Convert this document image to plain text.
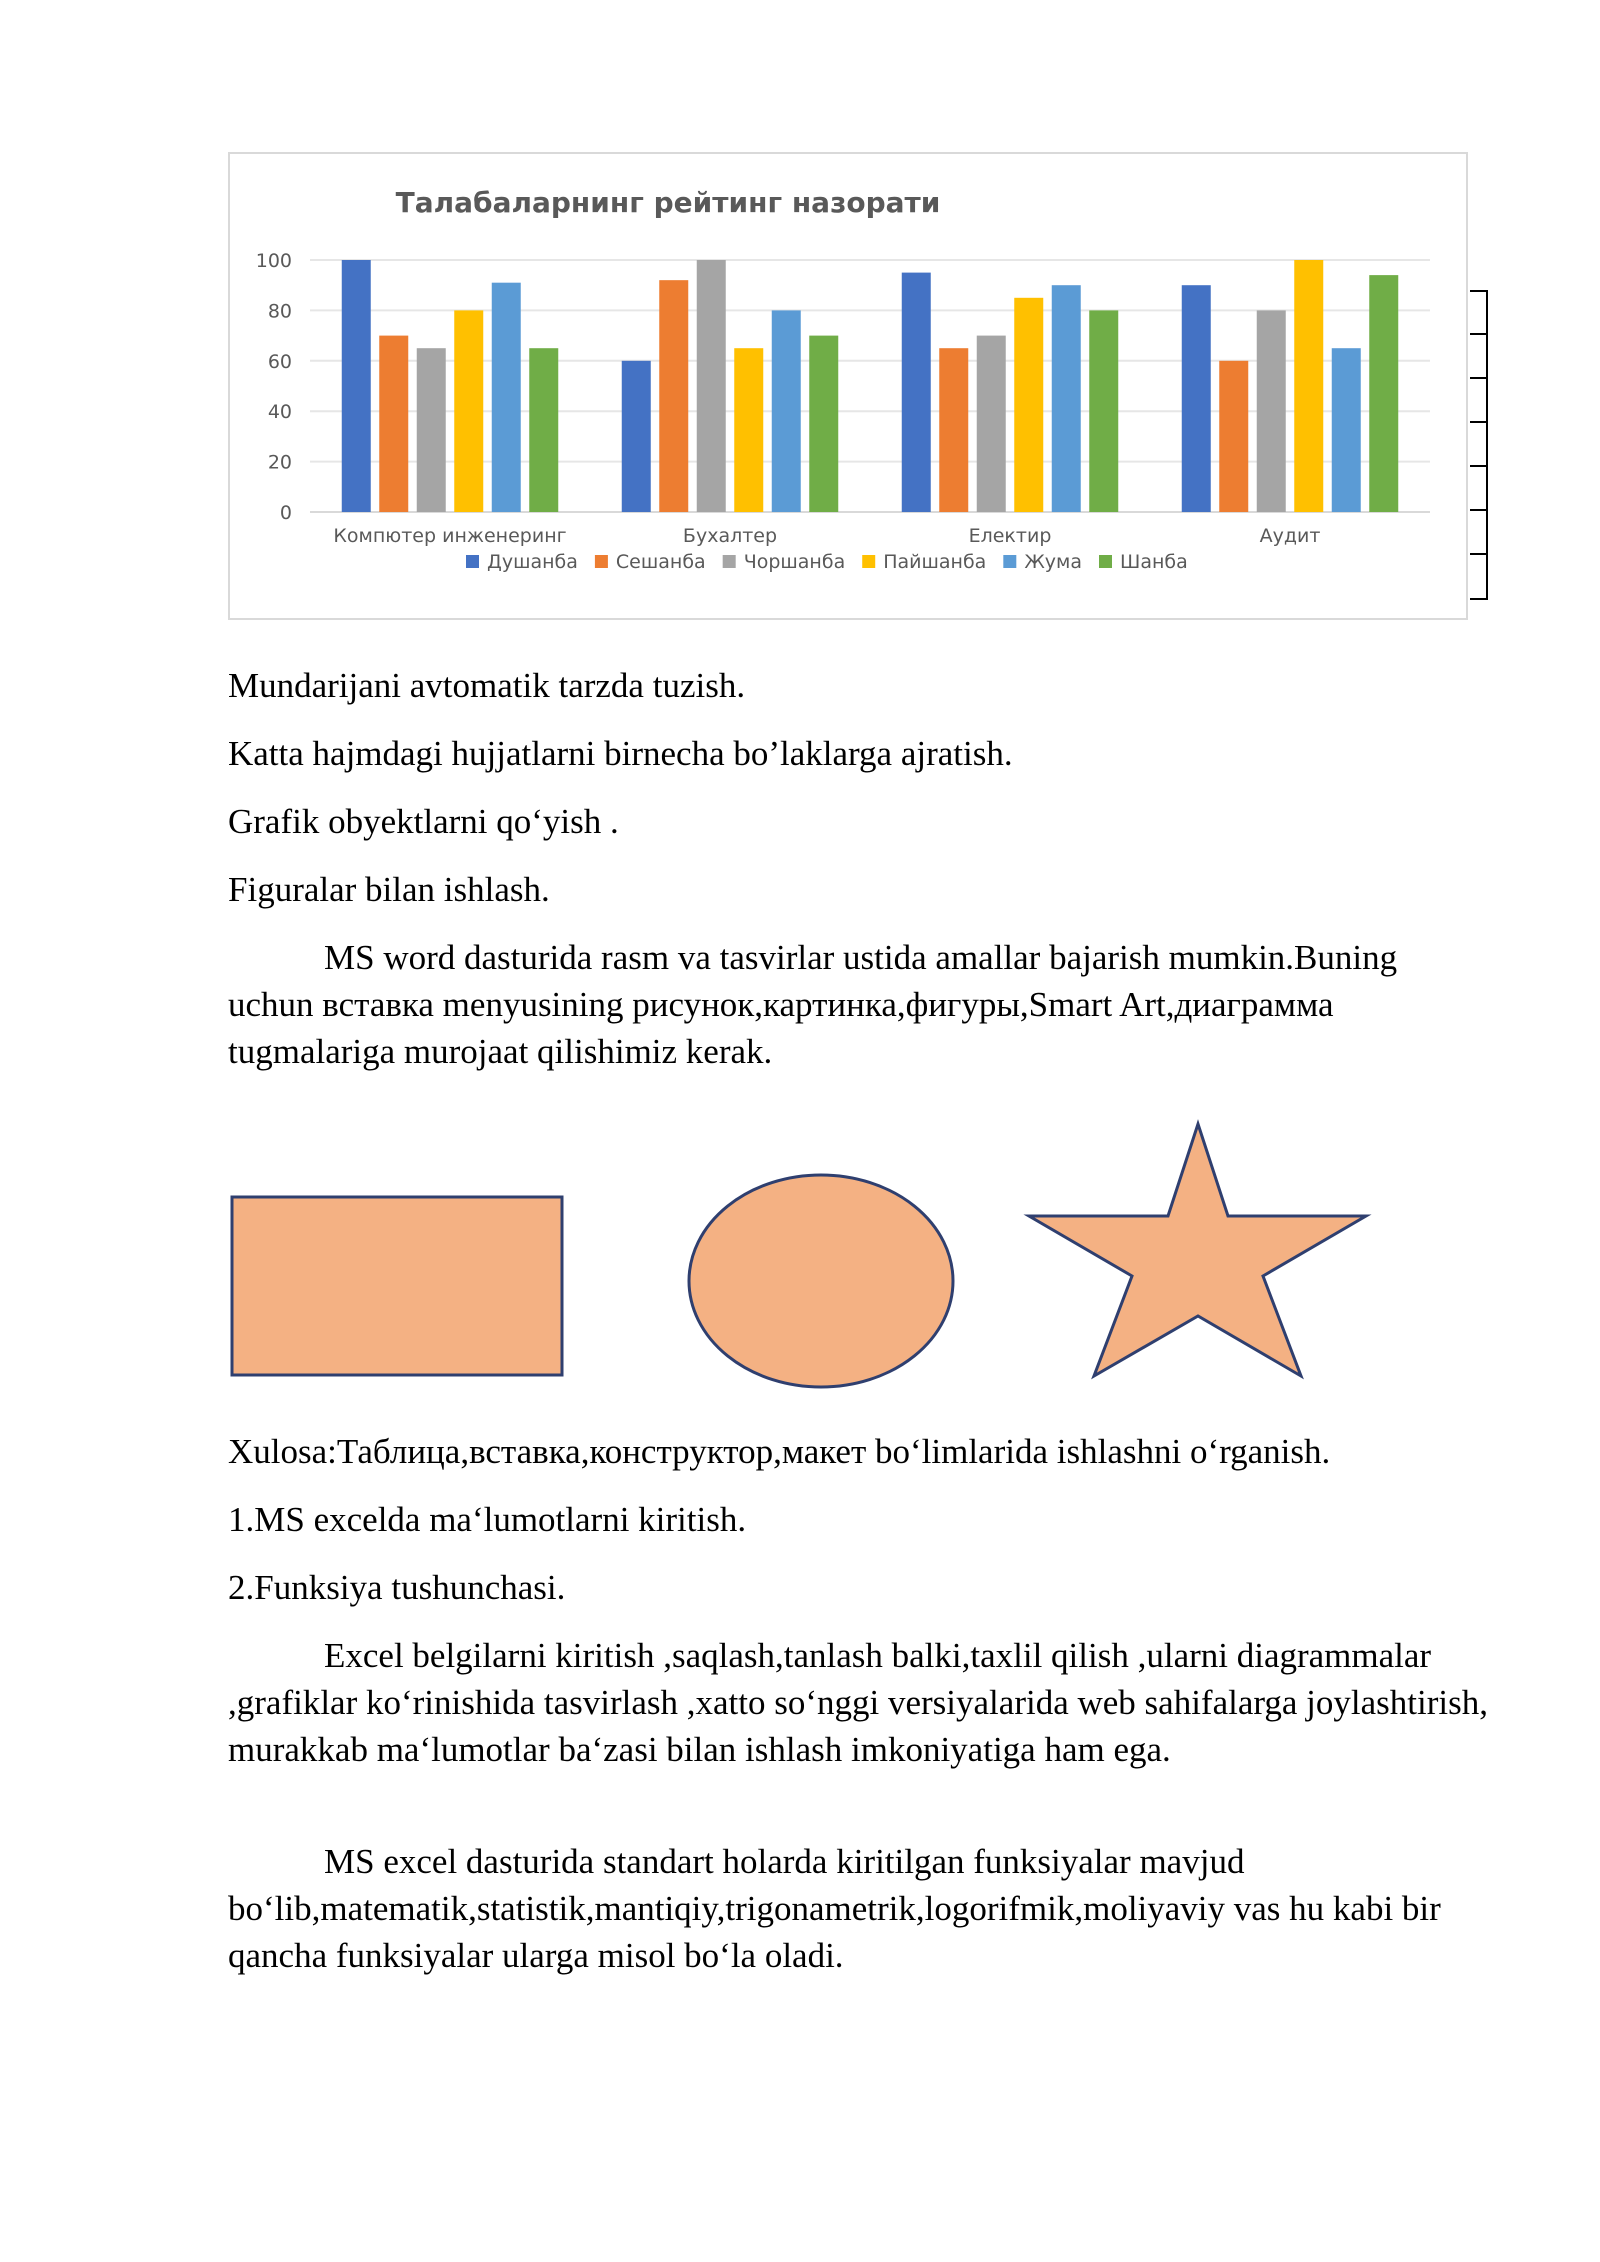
Талабаларнинг рейтинг назорати
0
20
40
60
80
100
Компютер инженеринг	Бухалтер	Електир	Аудит
Душанба Сешанба Чоршанба Пайшанба Жума Шанба

Mundarijani avtomatik tarzda tuzish.

Katta hajmdagi hujjatlarni birnecha bo’laklarga ajratish.

Grafik obyektlarni qo‘yish .

Figuralar bilan ishlash.

MS word dasturida rasm va tasvirlar ustida amallar bajarish mumkin.Buning uchun вставка menyusining рисунок,картинка,фигуры,Smart Art,диаграмма tugmalariga murojaat qilishimiz kerak.

Xulosa:Таблица,вставка,конструктор,макет bo‘limlarida ishlashni o‘rganish.

1.MS excelda ma‘lumotlarni kiritish.

2.Funksiya tushunchasi.

Excel belgilarni kiritish ,saqlash,tanlash balki,taxlil qilish ,ularni diagrammalar ,grafiklar ko‘rinishida tasvirlash ,xatto so‘nggi versiyalarida web sahifalarga joylashtirish, murakkab ma‘lumotlar ba‘zasi bilan ishlash imkoniyatiga ham ega.

MS excel dasturida standart holarda kiritilgan funksiyalar mavjud bo‘lib,matematik,statistik,mantiqiy,trigonametrik,logorifmik,moliyaviy vas hu kabi bir qancha funksiyalar ularga misol bo‘la oladi.
